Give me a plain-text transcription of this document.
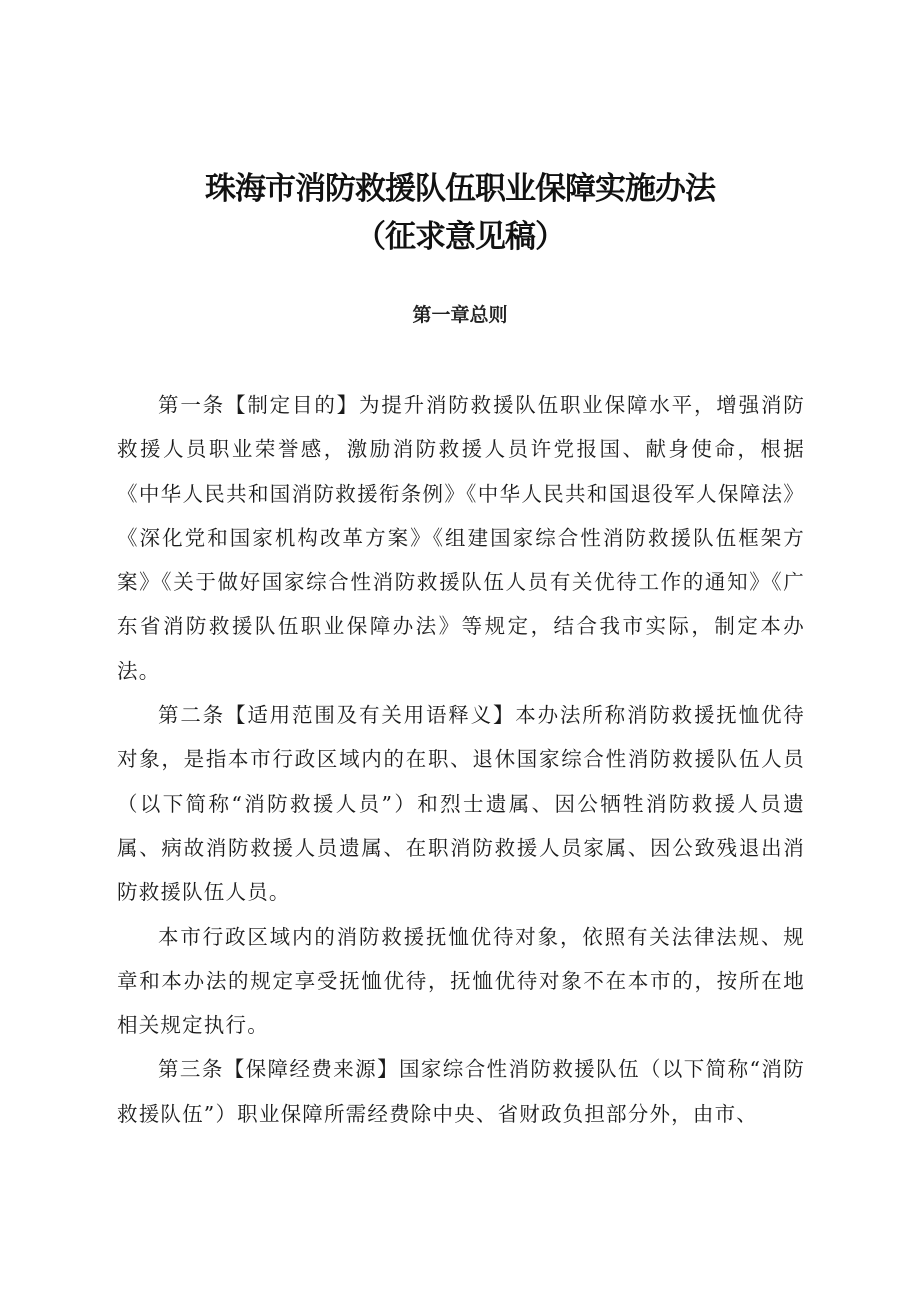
珠海市消防救援队伍职业保障实施办法
（征求意见稿）
第一章总则

第一条【制定目的】为提升消防救援队伍职业保障水平，增强消防救援人员职业荣誉感，激励消防救援人员许党报国、献身使命，根据《中华人民共和国消防救援衔条例》《中华人民共和国退役军人保障法》《深化党和国家机构改革方案》《组建国家综合性消防救援队伍框架方案》《关于做好国家综合性消防救援队伍人员有关优待工作的通知》《广东省消防救援队伍职业保障办法》等规定，结合我市实际，制定本办法。

第二条【适用范围及有关用语释义】本办法所称消防救援抚恤优待对象，是指本市行政区域内的在职、退休国家综合性消防救援队伍人员（以下简称“消防救援人员”）和烈士遗属、因公牺牲消防救援人员遗属、病故消防救援人员遗属、在职消防救援人员家属、因公致残退出消防救援队伍人员。

本市行政区域内的消防救援抚恤优待对象，依照有关法律法规、规章和本办法的规定享受抚恤优待，抚恤优待对象不在本市的，按所在地相关规定执行。

第三条【保障经费来源】国家综合性消防救援队伍（以下简称“消防救援队伍”）职业保障所需经费除中央、省财政负担部分外，由市、
